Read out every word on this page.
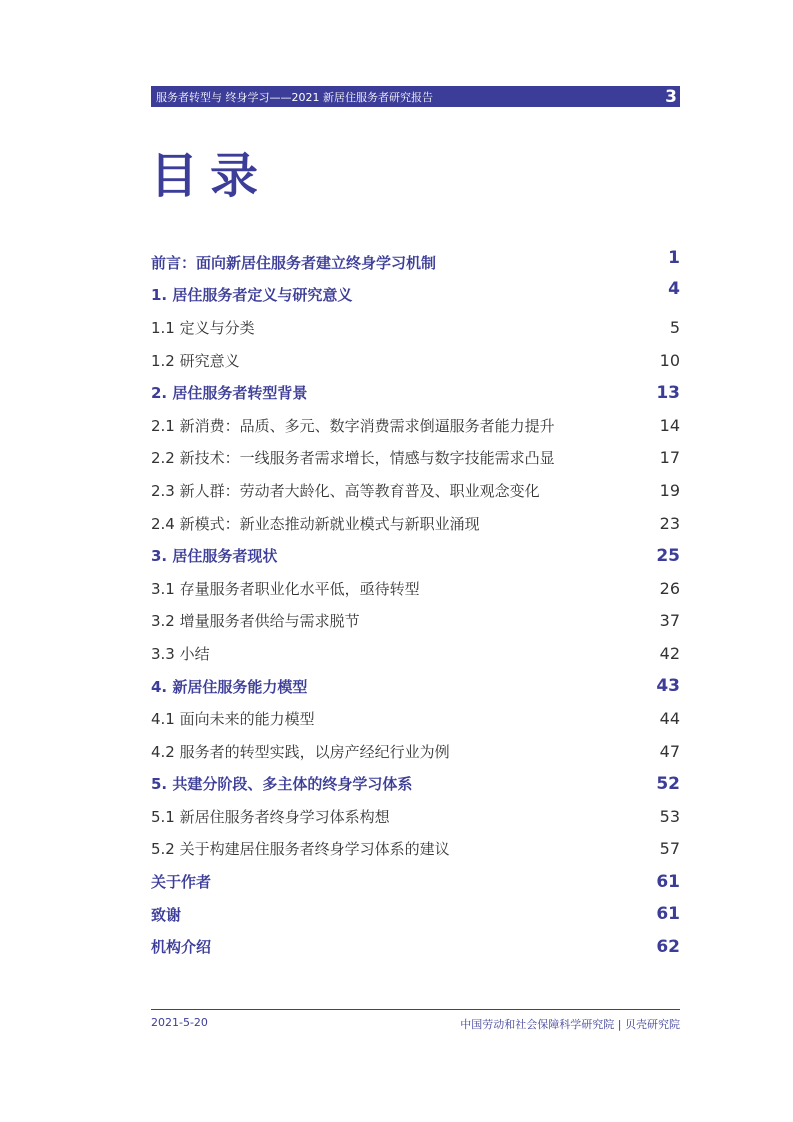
服务者转型与 终身学习——2021 新居住服务者研究报告	3
目录
前言：面向新居住服务者建立终身学习机制	1
1. 居住服务者定义与研究意义	4
1.1 定义与分类	5
1.2 研究意义	10
2. 居住服务者转型背景	13
2.1 新消费：品质、多元、数字消费需求倒逼服务者能力提升	14
2.2 新技术：一线服务者需求增长，情感与数字技能需求凸显	17
2.3 新人群：劳动者大龄化、高等教育普及、职业观念变化	19
2.4 新模式：新业态推动新就业模式与新职业涌现	23
3. 居住服务者现状	25
3.1 存量服务者职业化水平低，亟待转型	26
3.2 增量服务者供给与需求脱节	37
3.3 小结	42
4. 新居住服务能力模型	43
4.1 面向未来的能力模型	44
4.2 服务者的转型实践，以房产经纪行业为例	47
5. 共建分阶段、多主体的终身学习体系	52
5.1 新居住服务者终身学习体系构想	53
5.2 关于构建居住服务者终身学习体系的建议	57
关于作者	61
致谢	61
机构介绍	62
2021-5-20	中国劳动和社会保障科学研究院 | 贝壳研究院
